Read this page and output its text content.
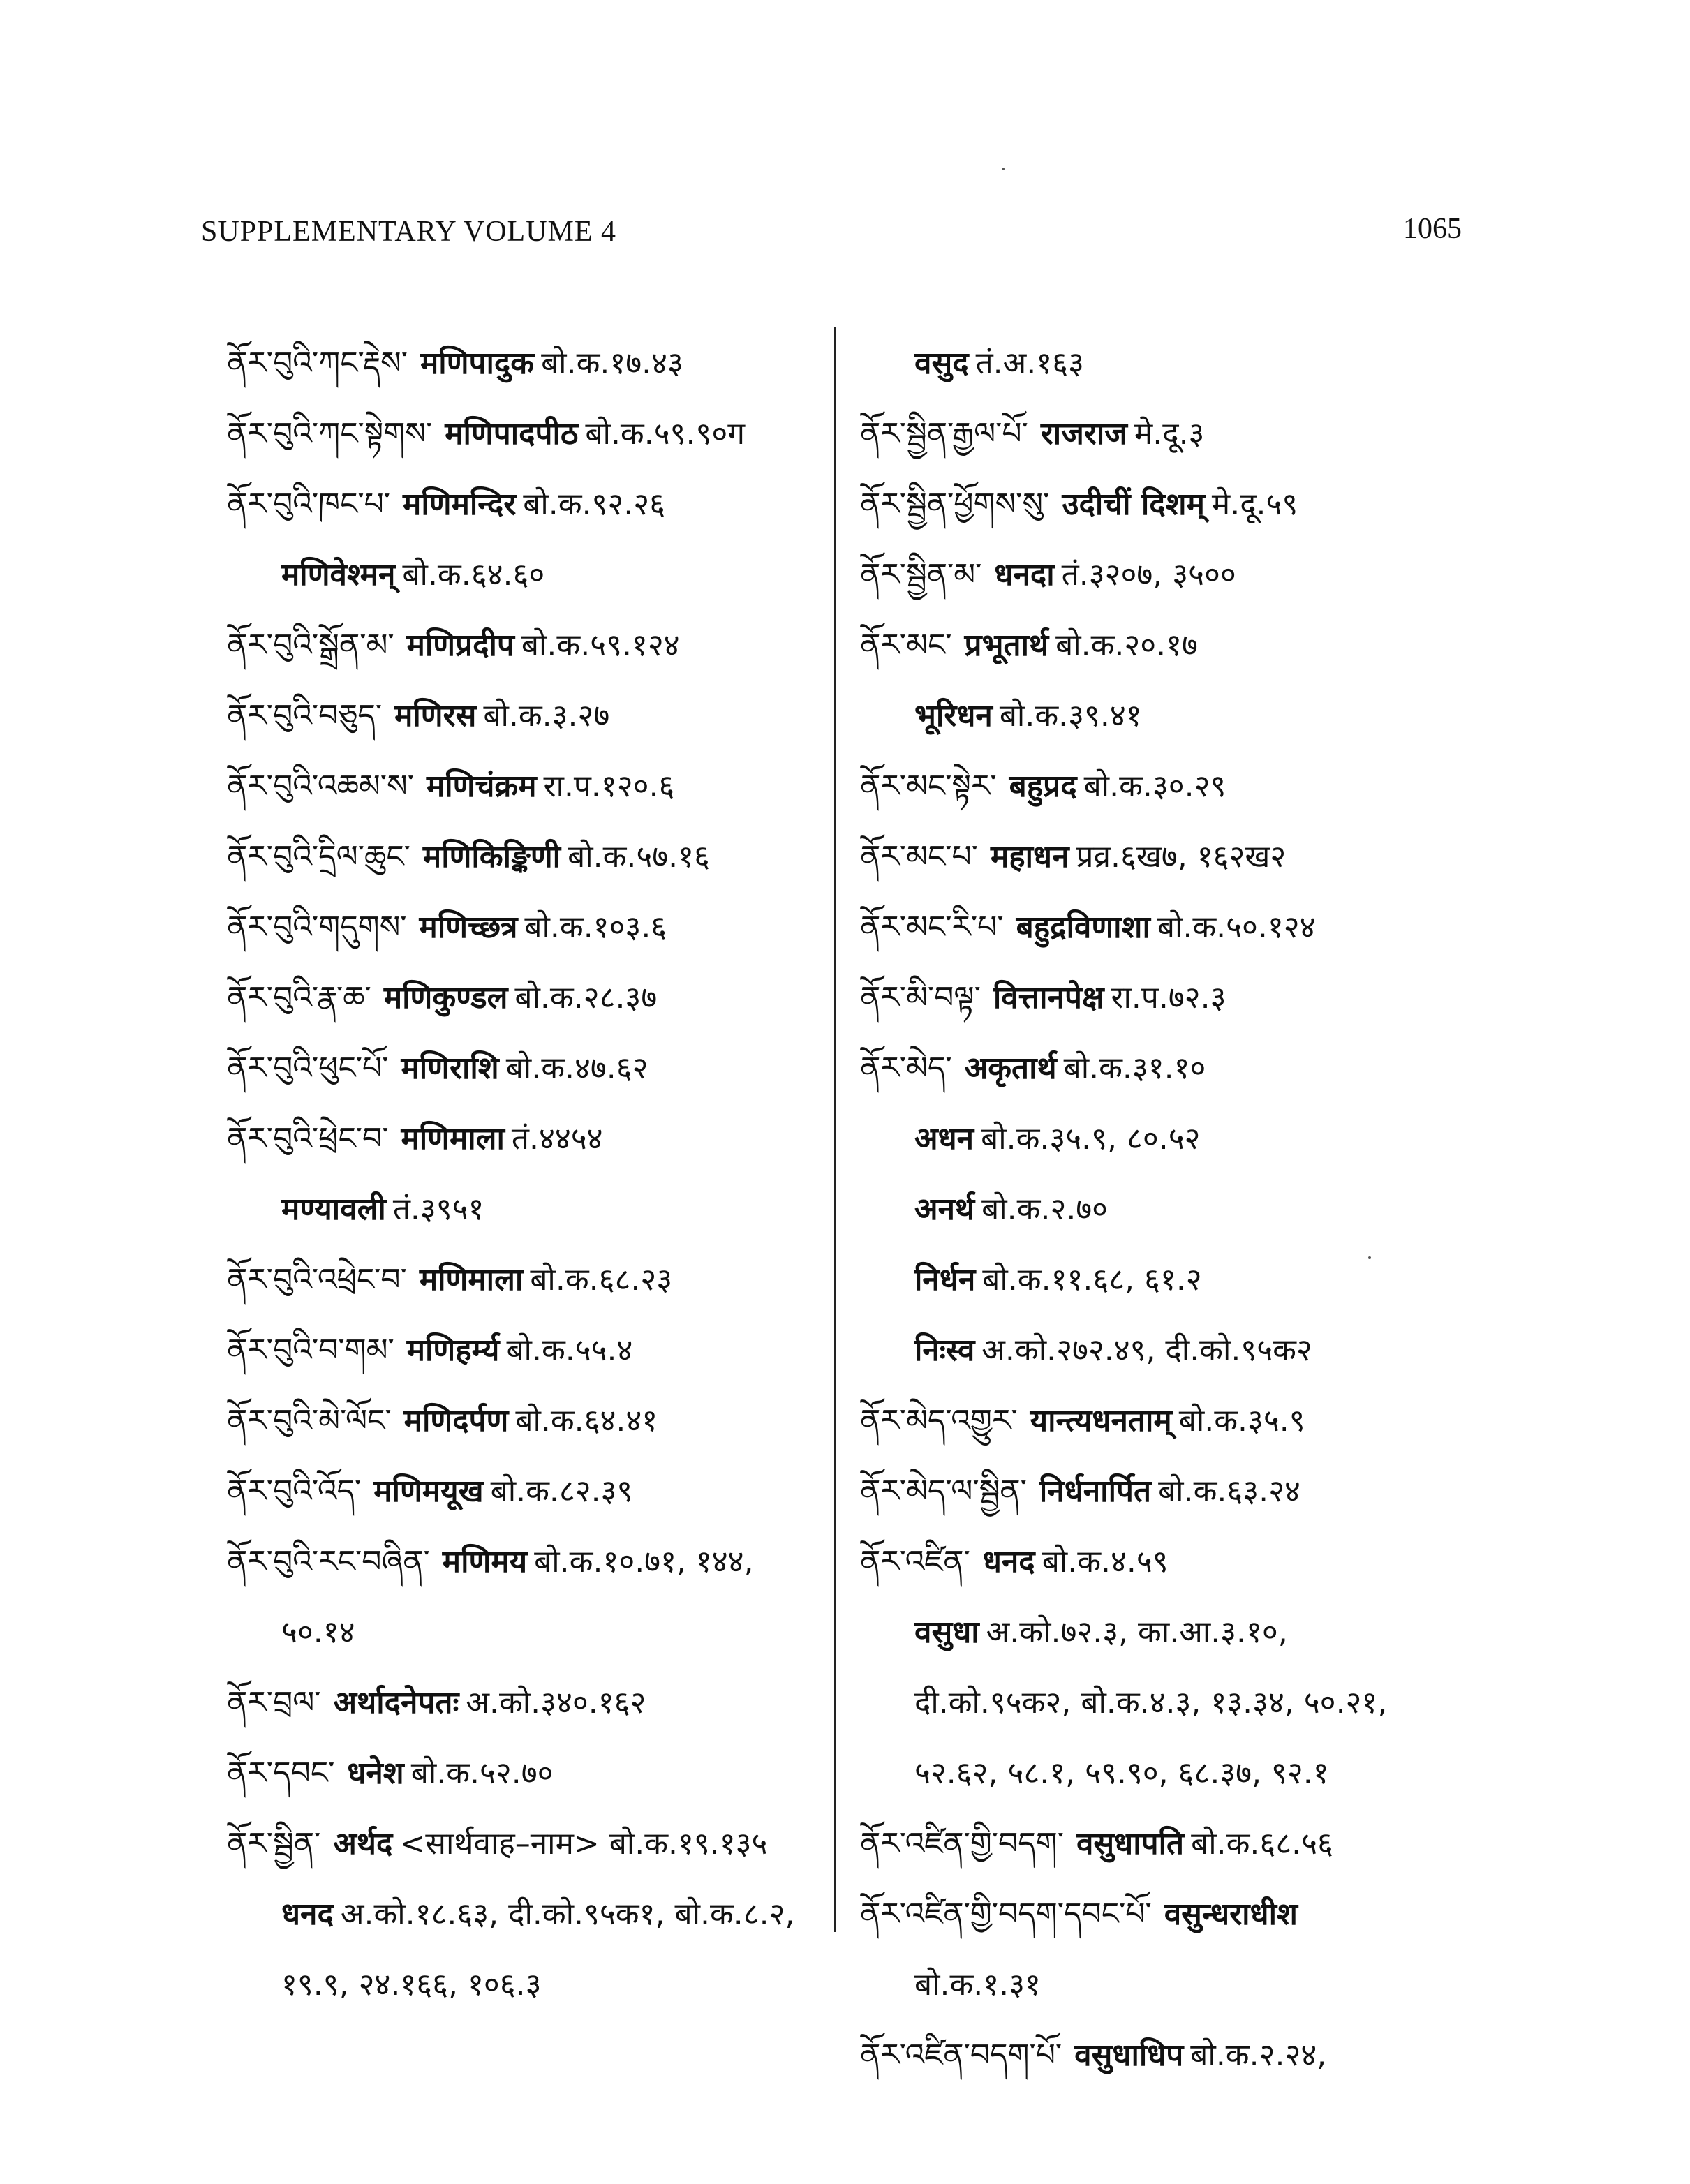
SUPPLEMENTARY VOLUME 4	1065
ནོར་བུའི་ཀང་རྡེས་ मणिपादुक बो.क.१७.४३
ནོར་བུའི་ཀང་སྟེགས་ मणिपादपीठ बो.क.५९.९०ग
ནོར་བུའི་ཁང་པ་ मणिमन्दिर बो.क.९२.२६
मणिवेश्मन् बो.क.६४.६०
ནོར་བུའི་སྒྲོན་མ་ मणिप्रदीप बो.क.५९.१२४
ནོར་བུའི་བཅུད་ मणिरस बो.क.३.२७
ནོར་བུའི་འཆམ་ས་ मणिचंक्रम रा.प.१२०.६
ནོར་བུའི་དྲིལ་ཆུང་ मणिकिङ्किणी बो.क.५७.१६
ནོར་བུའི་གདུགས་ मणिच्छत्र बो.क.१०३.६
ནོར་བུའི་རྣ་ཆ་ मणिकुण्डल बो.क.२८.३७
ནོར་བུའི་ཕུང་པོ་ मणिराशि बो.क.४७.६२
ནོར་བུའི་ཕྲེང་བ་ मणिमाला तं.४४५४
मण्यावली तं.३९५१
ནོར་བུའི་འཕྲེང་བ་ मणिमाला बो.क.६८.२३
ནོར་བུའི་བ་གམ་ मणिहर्म्य बो.क.५५.४
ནོར་བུའི་མེ་ལོང་ मणिदर्पण बो.क.६४.४१
ནོར་བུའི་འོད་ मणिमयूख बो.क.८२.३९
ནོར་བུའི་རང་བཞིན་ मणिमय बो.क.१०.७१, १४४,
५०.१४
ནོར་བྲལ་ अर्थादनेपतः अ.को.३४०.१६२
ནོར་དབང་ धनेश बो.क.५२.७०
ནོར་སྦྱིན་ अर्थद <सार्थवाह–नाम> बो.क.१९.१३५
धनद अ.को.१८.६३, दी.को.९५क१, बो.क.८.२,
१९.९, २४.१६६, १०६.३
वसुद तं.अ.१६३
ནོར་སྦྱིན་རྒྱལ་པོ་ राजराज मे.दू.३
ནོར་སྦྱིན་ཕྱོགས་སུ་ उदीचीं दिशम् मे.दू.५९
ནོར་སྦྱིན་མ་ धनदा तं.३२०७, ३५००
ནོར་མང་ प्रभूतार्थ बो.क.२०.१७
भूरिधन बो.क.३९.४१
ནོར་མང་སྟེར་ बहुप्रद बो.क.३०.२९
ནོར་མང་པ་ महाधन प्रव्र.६ख७, १६२ख२
ནོར་མང་རི་པ་ बहुद्रविणाशा बो.क.५०.१२४
ནོར་མི་བལྟ་ वित्तानपेक्ष रा.प.७२.३
ནོར་མེད་ अकृतार्थ बो.क.३१.१०
अधन बो.क.३५.९, ८०.५२
अनर्थ बो.क.२.७०
निर्धन बो.क.११.६८, ६१.२
निःस्व अ.को.२७२.४९, दी.को.९५क२
ནོར་མེད་འགྱུར་ यान्त्यधनताम् बो.क.३५.९
ནོར་མེད་ལ་སྦྱིན་ निर्धनार्पित बो.क.६३.२४
ནོར་འཛིན་ धनद बो.क.४.५९
वसुधा अ.को.७२.३, का.आ.३.१०,
दी.को.९५क२, बो.क.४.३, १३.३४, ५०.२१,
५२.६२, ५८.१, ५९.९०, ६८.३७, ९२.१
ནོར་འཛིན་གྱི་བདག་ वसुधापति बो.क.६८.५६
ནོར་འཛིན་གྱི་བདག་དབང་པོ་ वसुन्धराधीश
बो.क.१.३१
ནོར་འཛིན་བདག་པོ་ वसुधाधिप बो.क.२.२४,
